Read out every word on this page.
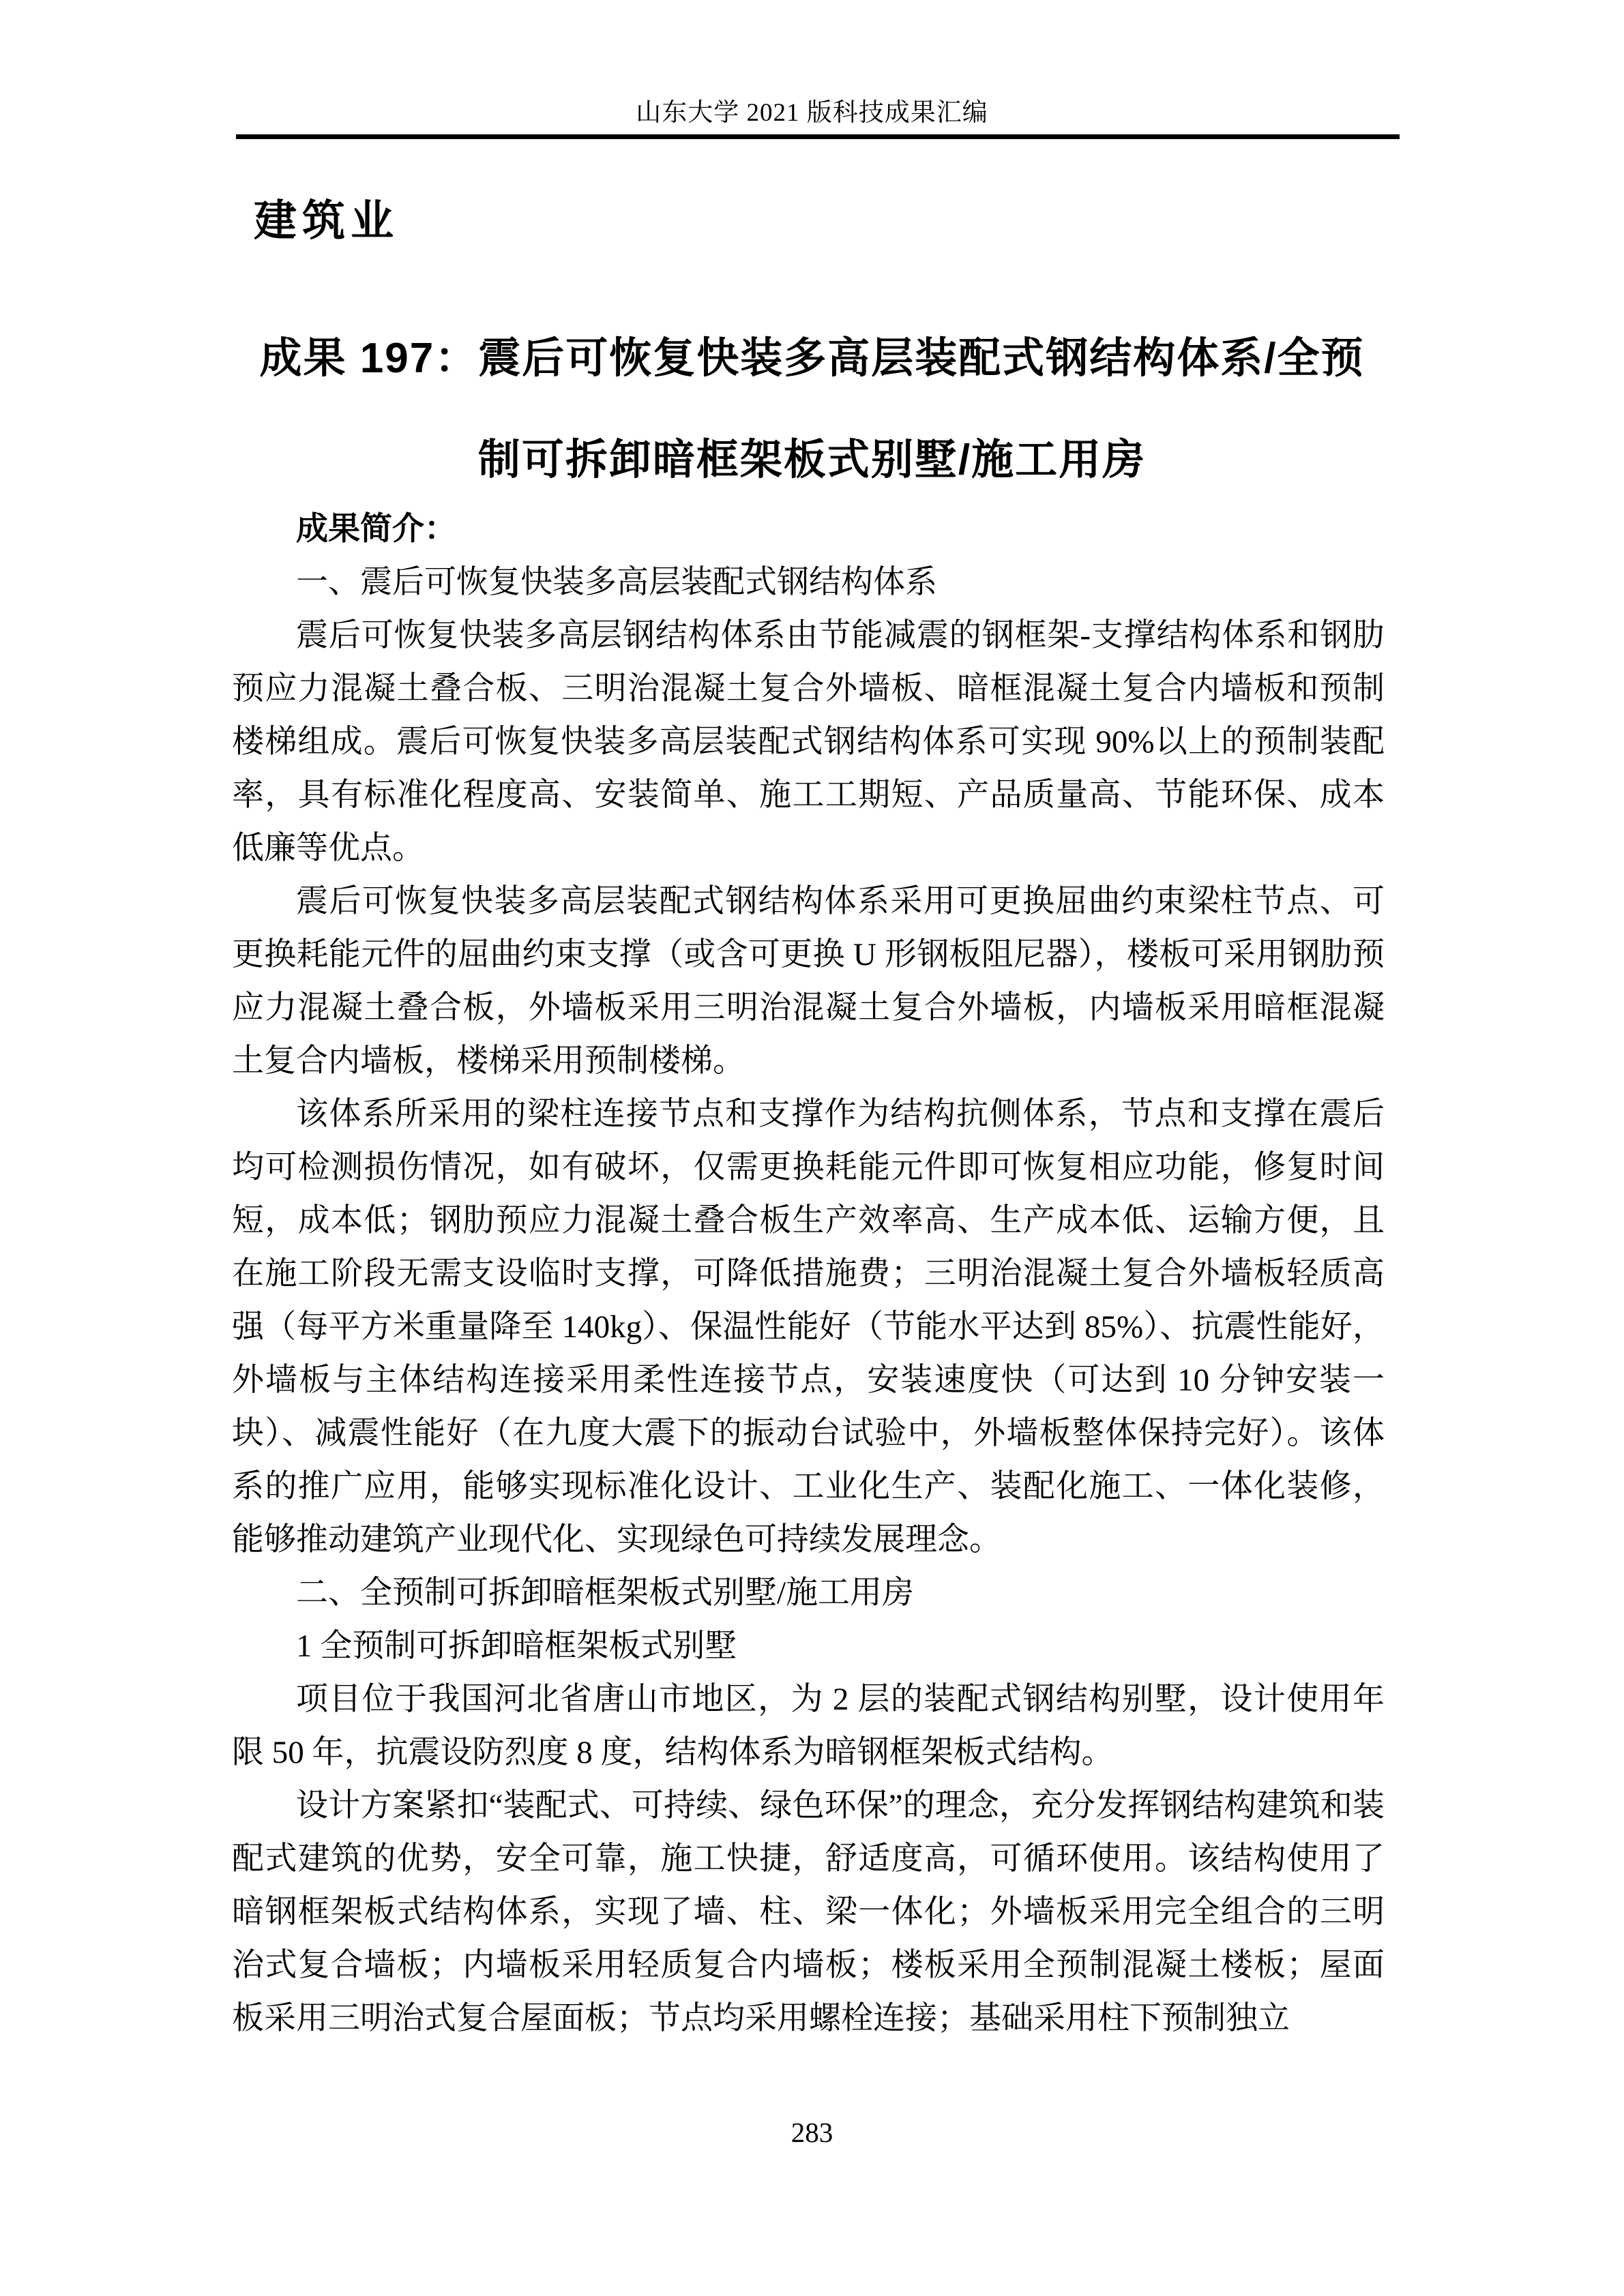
山东大学 2021 版科技成果汇编
建筑业
成果 197：震后可恢复快装多高层装配式钢结构体系/全预
制可拆卸暗框架板式别墅/施工用房

成果简介：

一、震后可恢复快装多高层装配式钢结构体系

震后可恢复快装多高层钢结构体系由节能减震的钢框架-支撑结构体系和钢肋预应力混凝土叠合板、三明治混凝土复合外墙板、暗框混凝土复合内墙板和预制楼梯组成。震后可恢复快装多高层装配式钢结构体系可实现 90%以上的预制装配率，具有标准化程度高、安装简单、施工工期短、产品质量高、节能环保、成本低廉等优点。

震后可恢复快装多高层装配式钢结构体系采用可更换屈曲约束梁柱节点、可更换耗能元件的屈曲约束支撑（或含可更换 U 形钢板阻尼器），楼板可采用钢肋预应力混凝土叠合板，外墙板采用三明治混凝土复合外墙板，内墙板采用暗框混凝土复合内墙板，楼梯采用预制楼梯。

该体系所采用的梁柱连接节点和支撑作为结构抗侧体系，节点和支撑在震后均可检测损伤情况，如有破坏，仅需更换耗能元件即可恢复相应功能，修复时间短，成本低；钢肋预应力混凝土叠合板生产效率高、生产成本低、运输方便，且在施工阶段无需支设临时支撑，可降低措施费；三明治混凝土复合外墙板轻质高强（每平方米重量降至 140kg）、保温性能好（节能水平达到 85%）、抗震性能好，外墙板与主体结构连接采用柔性连接节点，安装速度快（可达到 10 分钟安装一块）、减震性能好（在九度大震下的振动台试验中，外墙板整体保持完好）。该体系的推广应用，能够实现标准化设计、工业化生产、装配化施工、一体化装修，能够推动建筑产业现代化、实现绿色可持续发展理念。

二、全预制可拆卸暗框架板式别墅/施工用房

1 全预制可拆卸暗框架板式别墅

项目位于我国河北省唐山市地区，为 2 层的装配式钢结构别墅，设计使用年限 50 年，抗震设防烈度 8 度，结构体系为暗钢框架板式结构。

设计方案紧扣“装配式、可持续、绿色环保”的理念，充分发挥钢结构建筑和装配式建筑的优势，安全可靠，施工快捷，舒适度高，可循环使用。该结构使用了暗钢框架板式结构体系，实现了墙、柱、梁一体化；外墙板采用完全组合的三明治式复合墙板；内墙板采用轻质复合内墙板；楼板采用全预制混凝土楼板；屋面板采用三明治式复合屋面板；节点均采用螺栓连接；基础采用柱下预制独立

283
